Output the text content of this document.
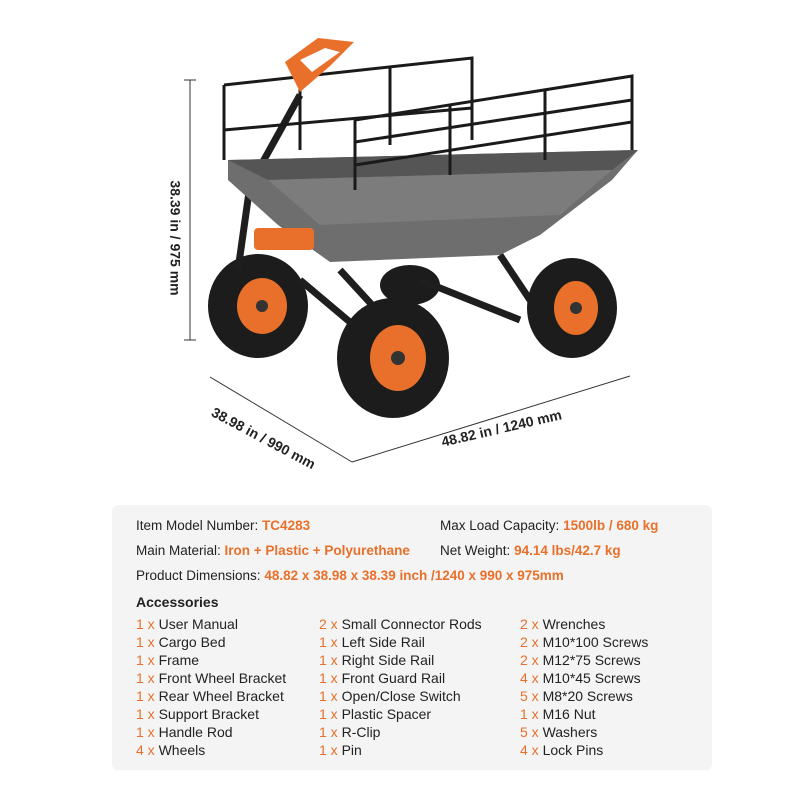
38.39 in / 975 mm
38.98 in / 990 mm	48.82 in / 1240 mm
Item Model Number: TC4283	Max Load Capacity: 1500lb / 680 kg
Main Material: Iron + Plastic + Polyurethane Net Weight: 94.14 lbs/42.7 kg
Product Dimensions: 48.82 x 38.98 x 38.39 inch /1240 x 990 x 975mm
Accessories
1 x User Manual
1 x Cargo Bed
1 x Frame
1 x Front Wheel Bracket
1 x Rear Wheel Bracket
1 x Support Bracket
1 x Handle Rod
4 x Wheels
2 x Small Connector Rods
1 x Left Side Rail
1 x Right Side Rail
1 x Front Guard Rail
1 x Open/Close Switch
1 x Plastic Spacer
1 x R-Clip
1 x Pin
2 x Wrenches
2 x M10*100 Screws
2 x M12*75 Screws
4 x M10*45 Screws
5 x M8*20 Screws
1 x M16 Nut
5 x Washers
4 x Lock Pins
